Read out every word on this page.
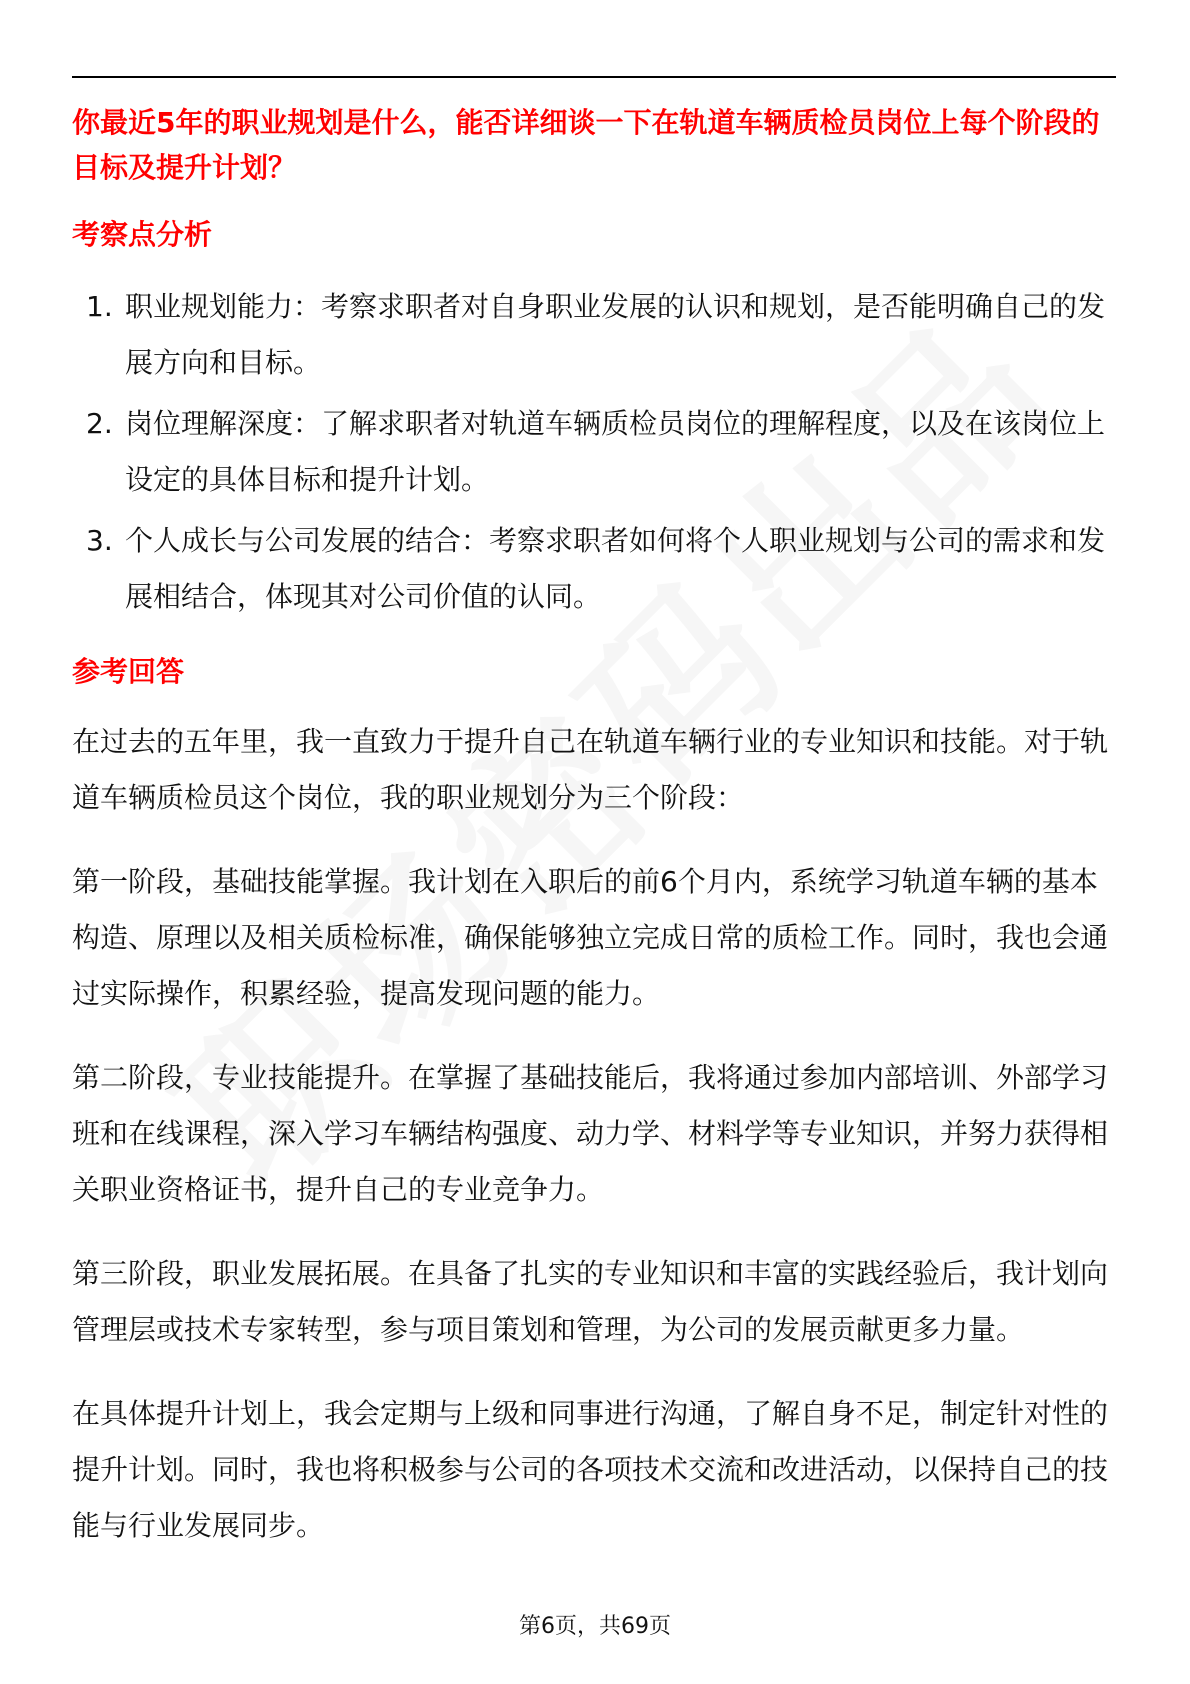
你最近5年的职业规划是什么，能否详细谈一下在轨道车辆质检员岗位上每个阶段的目标及提升计划？
考察点分析
1. 职业规划能力：考察求职者对自身职业发展的认识和规划，是否能明确自己的发展方向和目标。
2. 岗位理解深度：了解求职者对轨道车辆质检员岗位的理解程度，以及在该岗位上设定的具体目标和提升计划。
3. 个人成长与公司发展的结合：考察求职者如何将个人职业规划与公司的需求和发展相结合，体现其对公司价值的认同。
参考回答

在过去的五年里，我一直致力于提升自己在轨道车辆行业的专业知识和技能。对于轨道车辆质检员这个岗位，我的职业规划分为三个阶段：

第一阶段，基础技能掌握。我计划在入职后的前6个月内，系统学习轨道车辆的基本构造、原理以及相关质检标准，确保能够独立完成日常的质检工作。同时，我也会通过实际操作，积累经验，提高发现问题的能力。

第二阶段，专业技能提升。在掌握了基础技能后，我将通过参加内部培训、外部学习班和在线课程，深入学习车辆结构强度、动力学、材料学等专业知识，并努力获得相关职业资格证书，提升自己的专业竞争力。

第三阶段，职业发展拓展。在具备了扎实的专业知识和丰富的实践经验后，我计划向管理层或技术专家转型，参与项目策划和管理，为公司的发展贡献更多力量。

在具体提升计划上，我会定期与上级和同事进行沟通，了解自身不足，制定针对性的提升计划。同时，我也将积极参与公司的各项技术交流和改进活动，以保持自己的技能与行业发展同步。

第6页，共69页
